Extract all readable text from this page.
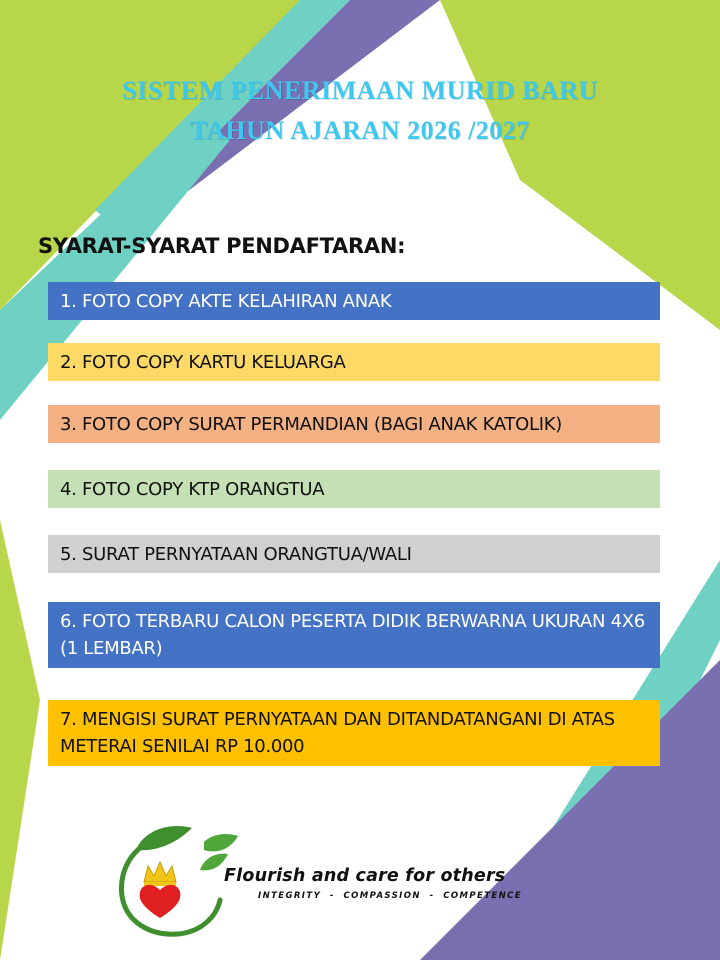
SISTEM PENERIMAAN MURID BARU
TAHUN AJARAN 2026 /2027
SYARAT-SYARAT PENDAFTARAN:
1. FOTO COPY AKTE KELAHIRAN ANAK
2. FOTO COPY KARTU KELUARGA
3. FOTO COPY SURAT PERMANDIAN (BAGI ANAK KATOLIK)
4. FOTO COPY KTP ORANGTUA
5. SURAT PERNYATAAN ORANGTUA/WALI
6. FOTO TERBARU CALON PESERTA DIDIK BERWARNA UKURAN 4X6 (1 LEMBAR)
7. MENGISI SURAT PERNYATAAN DAN DITANDATANGANI DI ATAS METERAI SENILAI RP 10.000
Flourish and care for others
INTEGRITY  -  COMPASSION  -  COMPETENCE
